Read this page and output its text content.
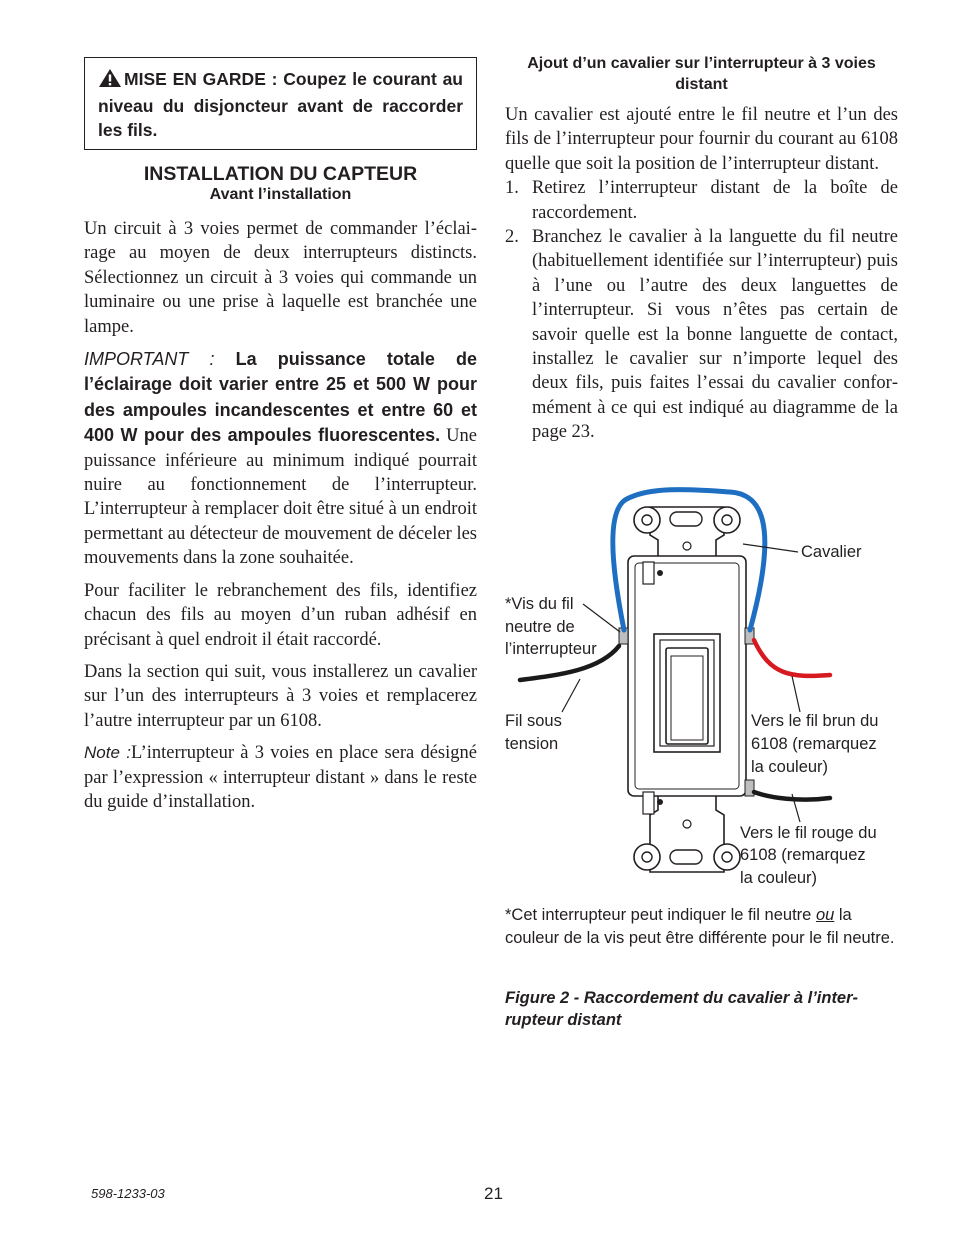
MISE EN GARDE : Coupez le courant au niveau du disjoncteur avant de raccorder les fils.
INSTALLATION DU CAPTEUR
Avant l’installation

Un circuit à 3 voies permet de commander l’éclairage au moyen de deux interrupteurs distincts. Sélectionnez un circuit à 3 voies qui commande un luminaire ou une prise à laquelle est branchée une lampe.

IMPORTANT : La puissance totale de l’éclairage doit varier entre 25 et 500 W pour des ampoules incandescentes et entre 60 et 400 W pour des ampoules fluorescentes. Une puissance inférieure au minimum indiqué pourrait nuire au fonctionnement de l’interrupteur. L’interrupteur à remplacer doit être situé à un endroit permettant au détecteur de mouvement de déceler les mouvements dans la zone souhaitée.

Pour faciliter le rebranchement des fils, identifiez chacun des fils au moyen d’un ruban adhésif en précisant à quel endroit il était raccordé.

Dans la section qui suit, vous installerez un cavalier sur l’un des interrupteurs à 3 voies et remplacerez l’autre interrupteur par un 6108.

Note :L’interrupteur à 3 voies en place sera désigné par l’expression « interrupteur distant » dans le reste du guide d’installation.

Ajout d’un cavalier sur l’interrupteur à 3 voies distant

Un cavalier est ajouté entre le fil neutre et l’un des fils de l’interrupteur pour fournir du courant au 6108 quelle que soit la position de l’interrupteur distant.

1. Retirez l’interrupteur distant de la boîte de raccordement.
2. Branchez le cavalier à la languette du fil neutre (habituellement identifiée sur l’interrupteur) puis à l’une ou l’autre des deux languettes de l’interrupteur. Si vous n’êtes pas certain de savoir quelle est la bonne languette de contact, installez le cavalier sur n’importe lequel des deux fils, puis faites l’essai du cavalier conformément à ce qui est indiqué au diagramme de la page 23.
Cavalier
*Vis du fil
neutre de
l’interrupteur
Fil sous
tension
Vers le fil brun du
6108 (remarquez
la couleur)
Vers le fil rouge du
6108 (remarquez
la couleur)
*Cet interrupteur peut indiquer le fil neutre ou la couleur de la vis peut être différente pour le fil neutre.
Figure 2 - Raccordement du cavalier à l’interrupteur distant
598-1233-03	21
